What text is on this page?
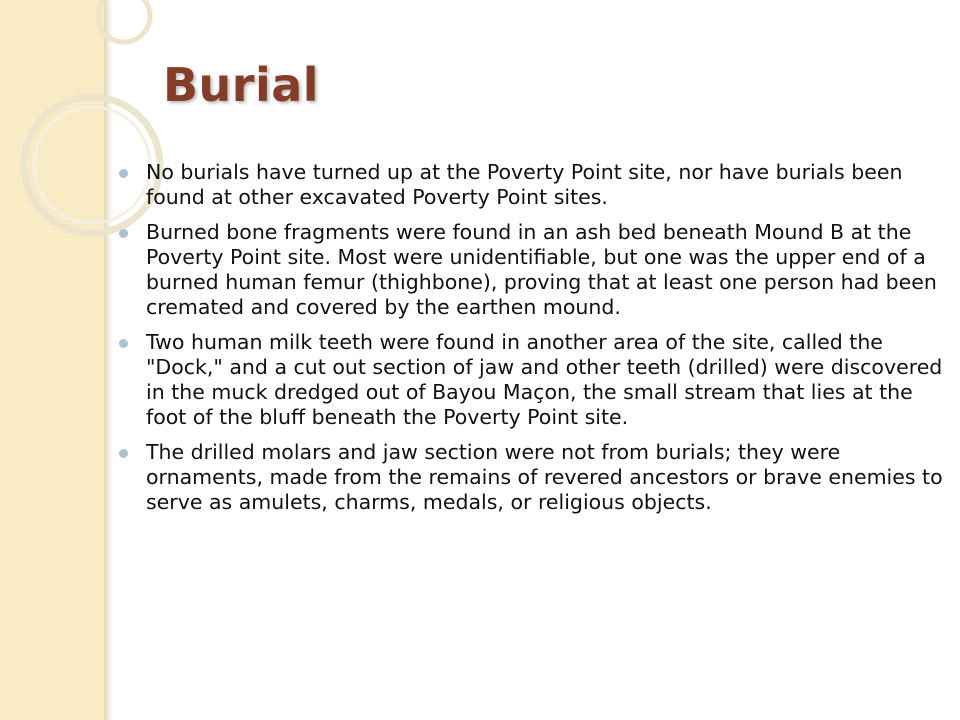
Burial
No burials have turned up at the Poverty Point site, nor have burials been found at other excavated Poverty Point sites.
Burned bone fragments were found in an ash bed beneath Mound B at the Poverty Point site. Most were unidentifiable, but one was the upper end of a burned human femur (thighbone), proving that at least one person had been cremated and covered by the earthen mound.
Two human milk teeth were found in another area of the site, called the "Dock," and a cut out section of jaw and other teeth (drilled) were discovered in the muck dredged out of Bayou Maçon, the small stream that lies at the foot of the bluff beneath the Poverty Point site.
The drilled molars and jaw section were not from burials; they were ornaments, made from the remains of revered ancestors or brave enemies to serve as amulets, charms, medals, or religious objects.
